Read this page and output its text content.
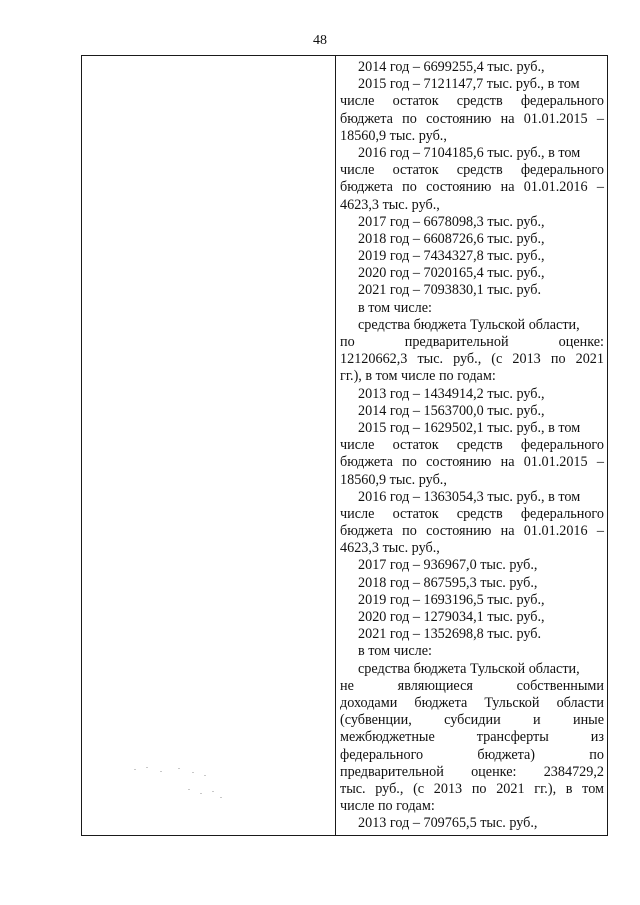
48
2014 год – 6699255,4 тыс. руб.,
2015 год – 7121147,7 тыс. руб., в том
числе остаток средств федерального
бюджета по состоянию на 01.01.2015 –
18560,9 тыс. руб.,
2016 год – 7104185,6 тыс. руб., в том
числе остаток средств федерального
бюджета по состоянию на 01.01.2016 –
4623,3 тыс. руб.,
2017 год – 6678098,3 тыс. руб.,
2018 год – 6608726,6 тыс. руб.,
2019 год – 7434327,8 тыс. руб.,
2020 год – 7020165,4 тыс. руб.,
2021 год – 7093830,1 тыс. руб.
в том числе:
средства бюджета Тульской области,
по предварительной оценке:
12120662,3 тыс. руб., (с 2013 по 2021
гг.), в том числе по годам:
2013 год – 1434914,2 тыс. руб.,
2014 год – 1563700,0 тыс. руб.,
2015 год – 1629502,1 тыс. руб., в том
числе остаток средств федерального
бюджета по состоянию на 01.01.2015 –
18560,9 тыс. руб.,
2016 год – 1363054,3 тыс. руб., в том
числе остаток средств федерального
бюджета по состоянию на 01.01.2016 –
4623,3 тыс. руб.,
2017 год – 936967,0 тыс. руб.,
2018 год – 867595,3 тыс. руб.,
2019 год – 1693196,5 тыс. руб.,
2020 год – 1279034,1 тыс. руб.,
2021 год – 1352698,8 тыс. руб.
в том числе:
средства бюджета Тульской области,
не являющиеся собственными
доходами бюджета Тульской области
(субвенции, субсидии и иные
межбюджетные трансферты из
федерального бюджета) по
предварительной оценке: 2384729,2
тыс. руб., (с 2013 по 2021 гг.), в том
числе по годам:
2013 год – 709765,5 тыс. руб.,
